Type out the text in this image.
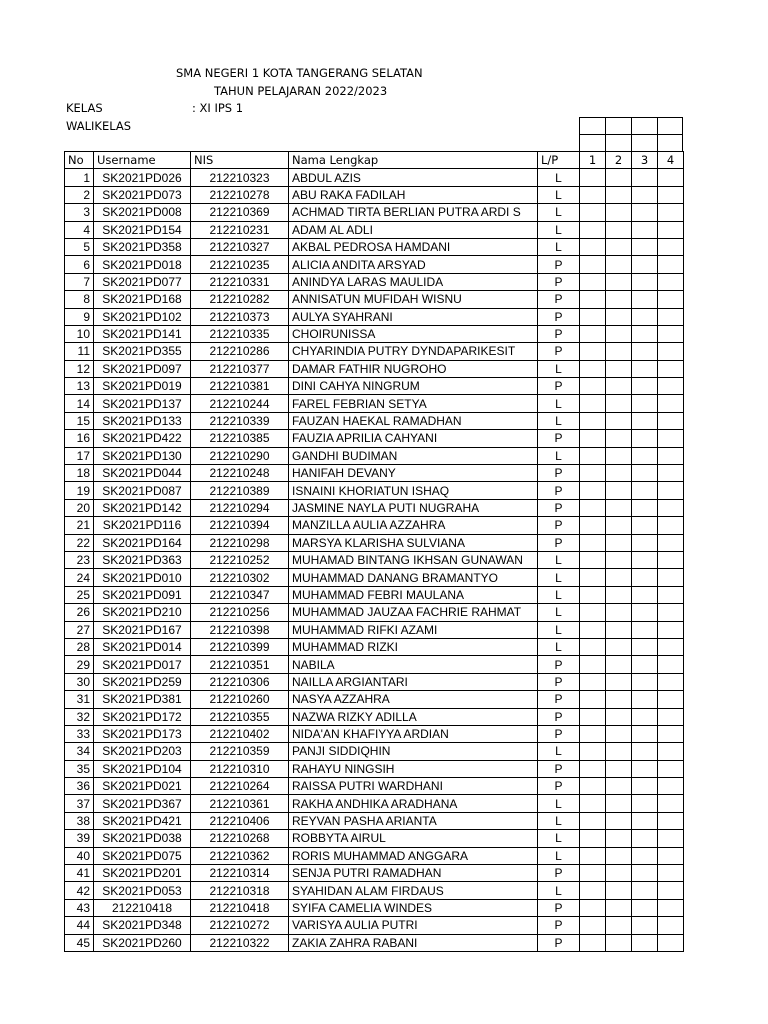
SMA NEGERI 1 KOTA TANGERANG SELATAN
TAHUN PELAJARAN 2022/2023
KELAS	: XI IPS 1
WALIKELAS
No	Username	NIS	Nama Lengkap	L/P	1	2	3	4
1	SK2021PD026	212210323	ABDUL AZIS	L				
2	SK2021PD073	212210278	ABU RAKA FADILAH	L				
3	SK2021PD008	212210369	ACHMAD TIRTA BERLIAN PUTRA ARDI S	L				
4	SK2021PD154	212210231	ADAM AL ADLI	L				
5	SK2021PD358	212210327	AKBAL PEDROSA HAMDANI	L				
6	SK2021PD018	212210235	ALICIA ANDITA ARSYAD	P				
7	SK2021PD077	212210331	ANINDYA LARAS MAULIDA	P				
8	SK2021PD168	212210282	ANNISATUN MUFIDAH WISNU	P				
9	SK2021PD102	212210373	AULYA SYAHRANI	P				
10	SK2021PD141	212210335	CHOIRUNISSA	P				
11	SK2021PD355	212210286	CHYARINDIA PUTRY DYNDAPARIKESIT	P				
12	SK2021PD097	212210377	DAMAR FATHIR NUGROHO	L				
13	SK2021PD019	212210381	DINI CAHYA NINGRUM	P				
14	SK2021PD137	212210244	FAREL FEBRIAN SETYA	L				
15	SK2021PD133	212210339	FAUZAN HAEKAL RAMADHAN	L				
16	SK2021PD422	212210385	FAUZIA APRILIA CAHYANI	P				
17	SK2021PD130	212210290	GANDHI BUDIMAN	L				
18	SK2021PD044	212210248	HANIFAH DEVANY	P				
19	SK2021PD087	212210389	ISNAINI KHORIATUN ISHAQ	P				
20	SK2021PD142	212210294	JASMINE NAYLA PUTI NUGRAHA	P				
21	SK2021PD116	212210394	MANZILLA AULIA AZZAHRA	P				
22	SK2021PD164	212210298	MARSYA KLARISHA SULVIANA	P				
23	SK2021PD363	212210252	MUHAMAD BINTANG IKHSAN GUNAWAN	L				
24	SK2021PD010	212210302	MUHAMMAD DANANG BRAMANTYO	L				
25	SK2021PD091	212210347	MUHAMMAD FEBRI MAULANA	L				
26	SK2021PD210	212210256	MUHAMMAD JAUZAA FACHRIE RAHMAT	L				
27	SK2021PD167	212210398	MUHAMMAD RIFKI AZAMI	L				
28	SK2021PD014	212210399	MUHAMMAD RIZKI	L				
29	SK2021PD017	212210351	NABILA	P				
30	SK2021PD259	212210306	NAILLA ARGIANTARI	P				
31	SK2021PD381	212210260	NASYA AZZAHRA	P				
32	SK2021PD172	212210355	NAZWA RIZKY ADILLA	P				
33	SK2021PD173	212210402	NIDA'AN KHAFIYYA ARDIAN	P				
34	SK2021PD203	212210359	PANJI SIDDIQHIN	L				
35	SK2021PD104	212210310	RAHAYU NINGSIH	P				
36	SK2021PD021	212210264	RAISSA PUTRI WARDHANI	P				
37	SK2021PD367	212210361	RAKHA ANDHIKA ARADHANA	L				
38	SK2021PD421	212210406	REYVAN PASHA ARIANTA	L				
39	SK2021PD038	212210268	ROBBYTA AIRUL	L				
40	SK2021PD075	212210362	RORIS MUHAMMAD ANGGARA	L				
41	SK2021PD201	212210314	SENJA PUTRI RAMADHAN	P				
42	SK2021PD053	212210318	SYAHIDAN ALAM FIRDAUS	L				
43	212210418	212210418	SYIFA CAMELIA WINDES	P				
44	SK2021PD348	212210272	VARISYA AULIA PUTRI	P				
45	SK2021PD260	212210322	ZAKIA ZAHRA RABANI	P				
